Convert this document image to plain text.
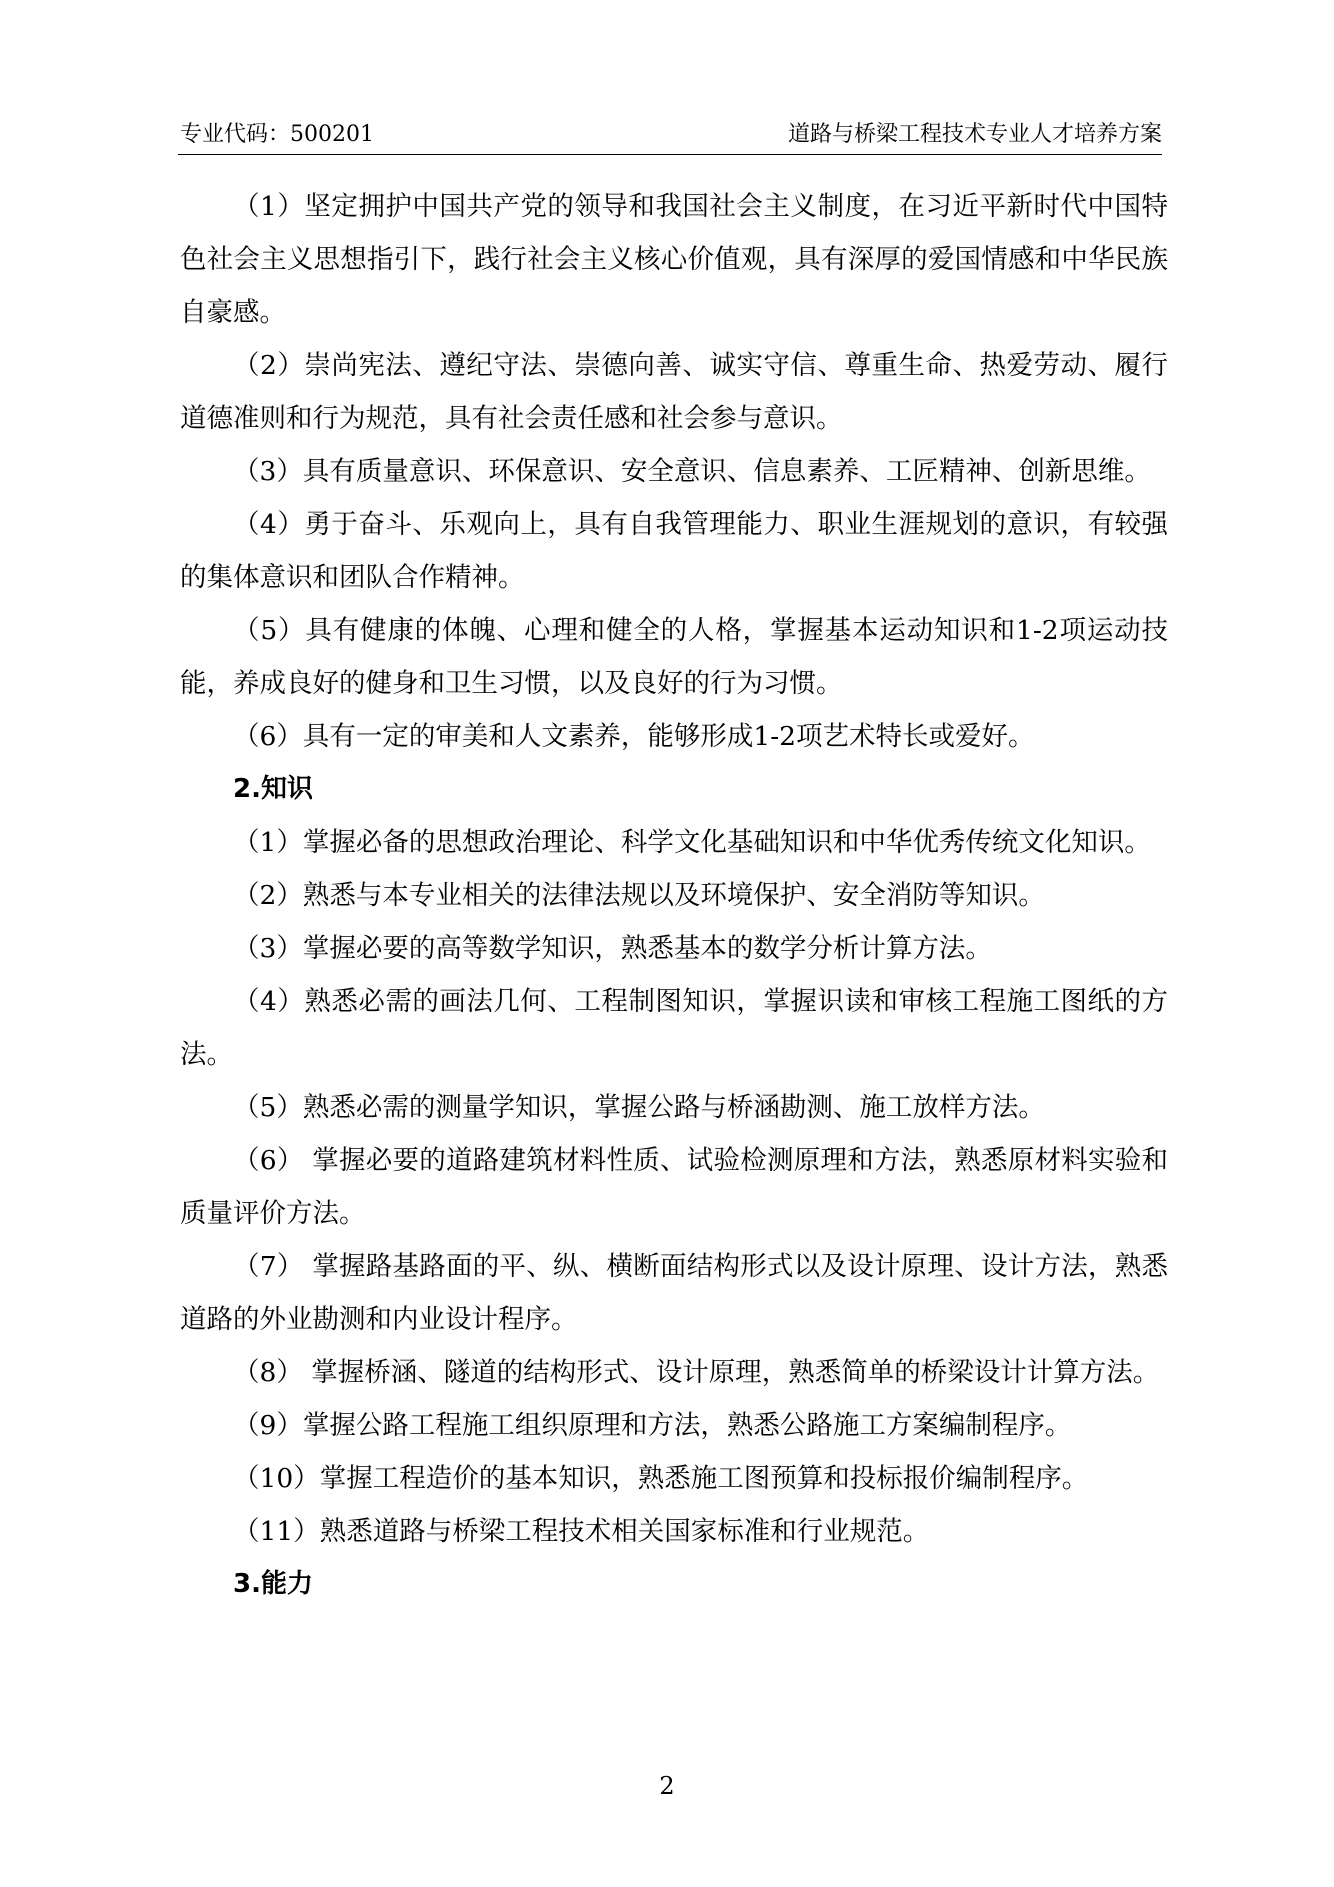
专业代码：500201	道路与桥梁工程技术专业人才培养方案

（1）坚定拥护中国共产党的领导和我国社会主义制度，在习近平新时代中国特色社会主义思想指引下，践行社会主义核心价值观，具有深厚的爱国情感和中华民族自豪感。

（2）崇尚宪法、遵纪守法、崇德向善、诚实守信、尊重生命、热爱劳动、履行道德准则和行为规范，具有社会责任感和社会参与意识。

（3）具有质量意识、环保意识、安全意识、信息素养、工匠精神、创新思维。

（4）勇于奋斗、乐观向上，具有自我管理能力、职业生涯规划的意识，有较强的集体意识和团队合作精神。

（5）具有健康的体魄、心理和健全的人格，掌握基本运动知识和1-2项运动技能，养成良好的健身和卫生习惯，以及良好的行为习惯。

（6）具有一定的审美和人文素养，能够形成1-2项艺术特长或爱好。

2.知识

（1）掌握必备的思想政治理论、科学文化基础知识和中华优秀传统文化知识。

（2）熟悉与本专业相关的法律法规以及环境保护、安全消防等知识。

（3）掌握必要的高等数学知识，熟悉基本的数学分析计算方法。

（4）熟悉必需的画法几何、工程制图知识，掌握识读和审核工程施工图纸的方法。

（5）熟悉必需的测量学知识，掌握公路与桥涵勘测、施工放样方法。

（6） 掌握必要的道路建筑材料性质、试验检测原理和方法，熟悉原材料实验和质量评价方法。

（7） 掌握路基路面的平、纵、横断面结构形式以及设计原理、设计方法，熟悉道路的外业勘测和内业设计程序。

（8） 掌握桥涵、隧道的结构形式、设计原理，熟悉简单的桥梁设计计算方法。

（9）掌握公路工程施工组织原理和方法，熟悉公路施工方案编制程序。

（10）掌握工程造价的基本知识，熟悉施工图预算和投标报价编制程序。

（11）熟悉道路与桥梁工程技术相关国家标准和行业规范。

3.能力

2
